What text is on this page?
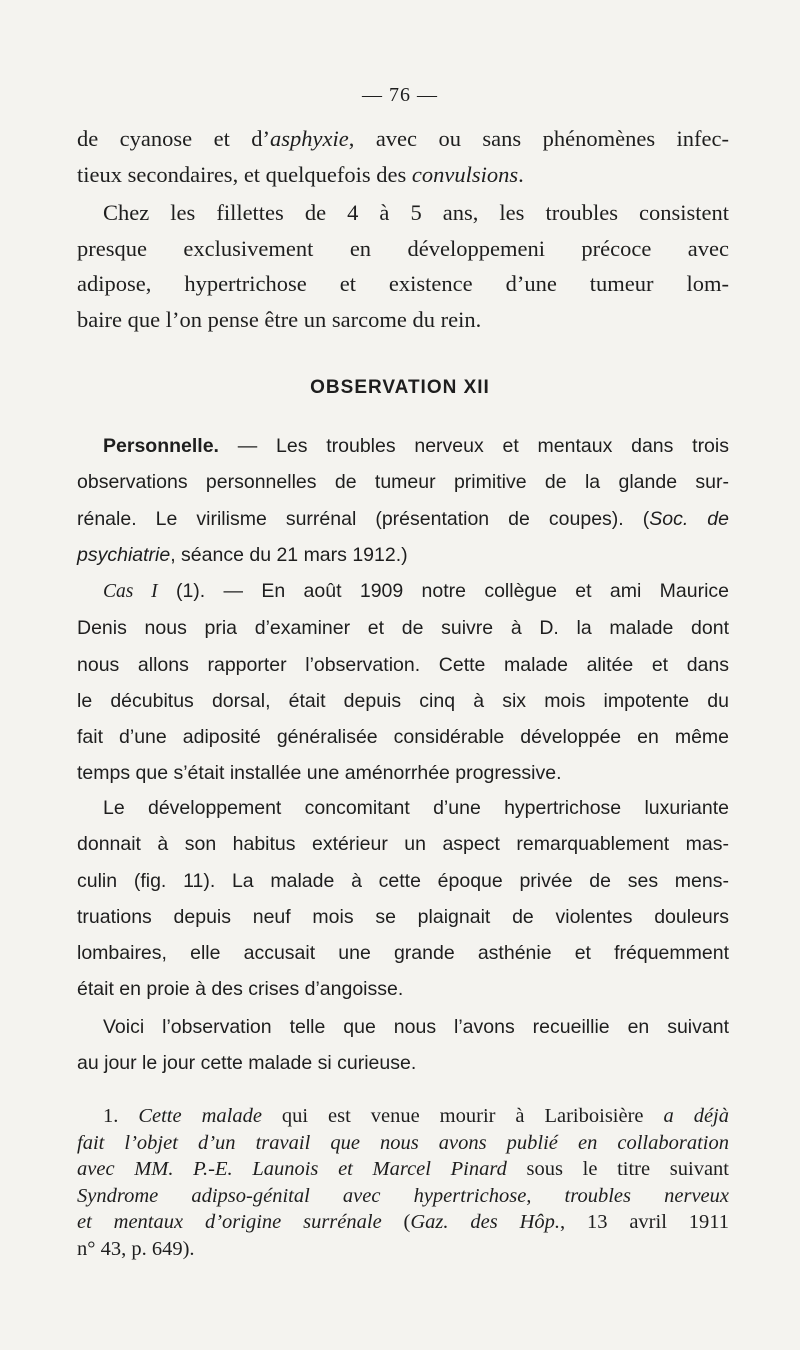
— 76 —
de cyanose et d’asphyxie, avec ou sans phénomènes infec-
tieux secondaires, et quelquefois des convulsions.
Chez les fillettes de 4 à 5 ans, les troubles consistent
presque exclusivement en développemeni précoce avec
adipose, hypertrichose et existence d’une tumeur lom-
baire que l’on pense être un sarcome du rein.
OBSERVATION XII
Personnelle. — Les troubles nerveux et mentaux dans trois
observations personnelles de tumeur primitive de la glande sur-
rénale. Le virilisme surrénal (présentation de coupes). (Soc. de
psychiatrie, séance du 21 mars 1912.)
Cas I (1). — En août 1909 notre collègue et ami Maurice
Denis nous pria d’examiner et de suivre à D. la malade dont
nous allons rapporter l’observation. Cette malade alitée et dans
le décubitus dorsal, était depuis cinq à six mois impotente du
fait d’une adiposité généralisée considérable développée en même
temps que s’était installée une aménorrhée progressive.
Le développement concomitant d’une hypertrichose luxuriante
donnait à son habitus extérieur un aspect remarquablement mas-
culin (fig. 11). La malade à cette époque privée de ses mens-
truations depuis neuf mois se plaignait de violentes douleurs
lombaires, elle accusait une grande asthénie et fréquemment
était en proie à des crises d’angoisse.
Voici l’observation telle que nous l’avons recueillie en suivant
au jour le jour cette malade si curieuse.
1. Cette malade qui est venue mourir à Lariboisière a déjà
fait l’objet d’un travail que nous avons publié en collaboration
avec MM. P.-E. Launois et Marcel Pinard sous le titre suivant
Syndrome adipso-génital avec hypertrichose, troubles nerveux
et mentaux d’origine surrénale (Gaz. des Hôp., 13 avril 1911
n° 43, p. 649).
